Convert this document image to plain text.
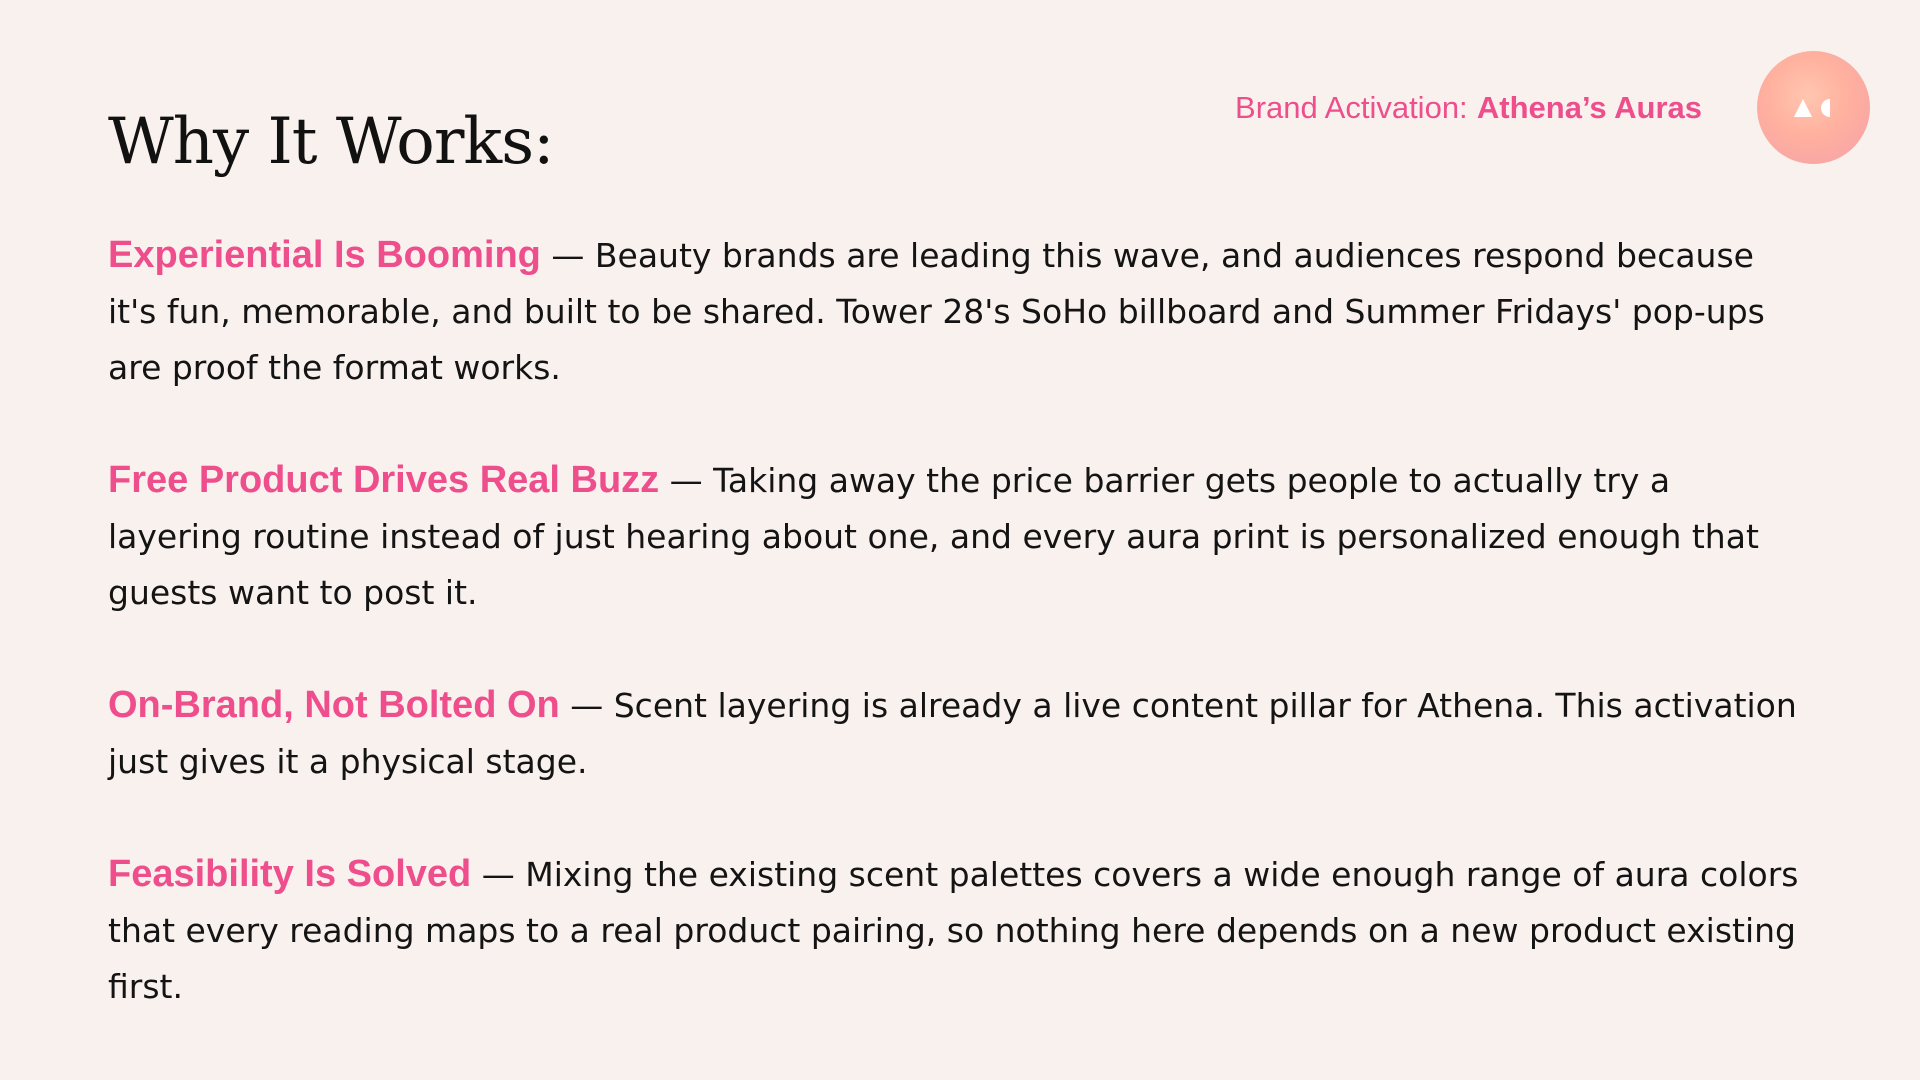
Brand Activation: Athena’s Auras
Why It Works:

Experiential Is Booming — Beauty brands are leading this wave, and audiences respond because it's fun, memorable, and built to be shared. Tower 28's SoHo billboard and Summer Fridays' pop-ups are proof the format works.

Free Product Drives Real Buzz — Taking away the price barrier gets people to actually try a layering routine instead of just hearing about one, and every aura print is personalized enough that guests want to post it.

On-Brand, Not Bolted On — Scent layering is already a live content pillar for Athena. This activation just gives it a physical stage.

Feasibility Is Solved — Mixing the existing scent palettes covers a wide enough range of aura colors that every reading maps to a real product pairing, so nothing here depends on a new product existing first.
